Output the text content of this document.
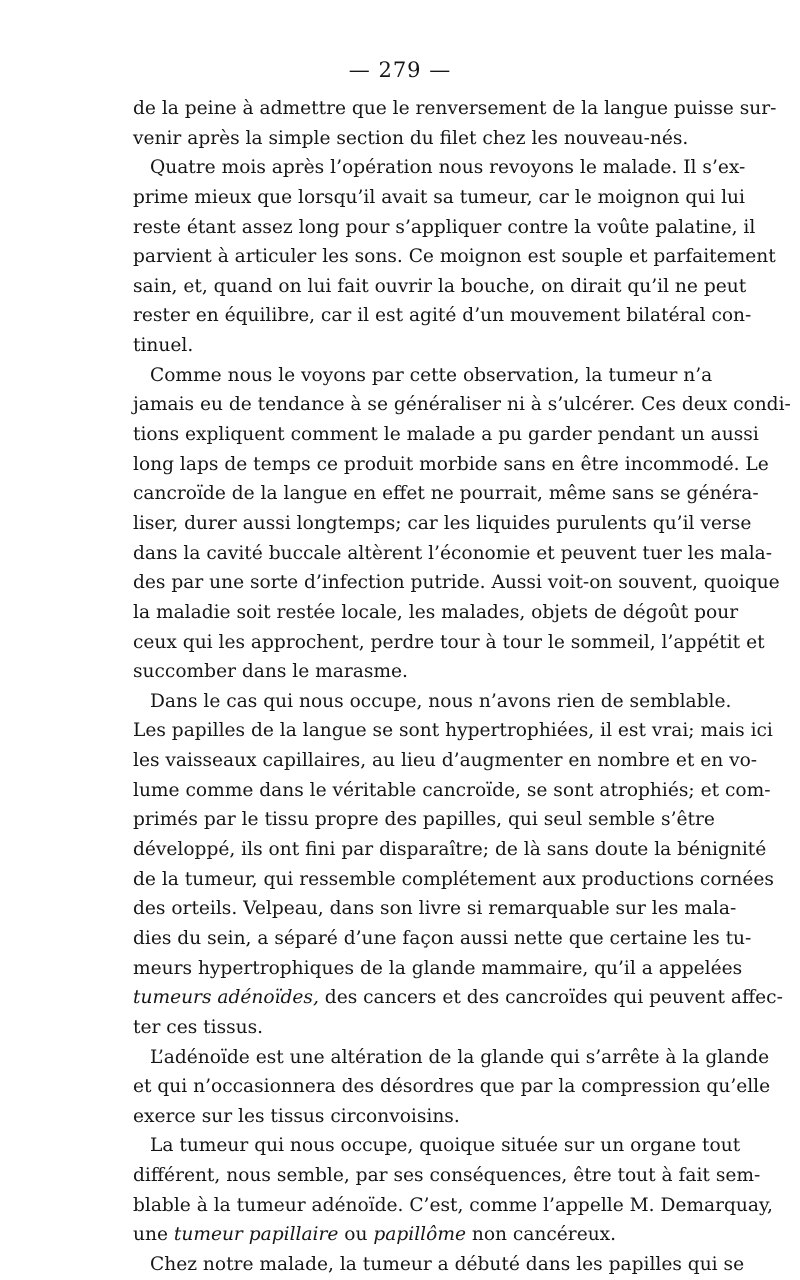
— 279 —
de la peine à admettre que le renversement de la langue puisse sur-
venir après la simple section du filet chez les nouveau-nés.
Quatre mois après l’opération nous revoyons le malade. Il s’ex-
prime mieux que lorsqu’il avait sa tumeur, car le moignon qui lui
reste étant assez long pour s’appliquer contre la voûte palatine, il
parvient à articuler les sons. Ce moignon est souple et parfaitement
sain, et, quand on lui fait ouvrir la bouche, on dirait qu’il ne peut
rester en équilibre, car il est agité d’un mouvement bilatéral con-
tinuel.
Comme nous le voyons par cette observation, la tumeur n’a
jamais eu de tendance à se généraliser ni à s’ulcérer. Ces deux condi-
tions expliquent comment le malade a pu garder pendant un aussi
long laps de temps ce produit morbide sans en être incommodé. Le
cancroïde de la langue en effet ne pourrait, même sans se généra-
liser, durer aussi longtemps; car les liquides purulents qu’il verse
dans la cavité buccale altèrent l’économie et peuvent tuer les mala-
des par une sorte d’infection putride. Aussi voit-on souvent, quoique
la maladie soit restée locale, les malades, objets de dégoût pour
ceux qui les approchent, perdre tour à tour le sommeil, l’appétit et
succomber dans le marasme.
Dans le cas qui nous occupe, nous n’avons rien de semblable.
Les papilles de la langue se sont hypertrophiées, il est vrai; mais ici
les vaisseaux capillaires, au lieu d’augmenter en nombre et en vo-
lume comme dans le véritable cancroïde, se sont atrophiés; et com-
primés par le tissu propre des papilles, qui seul semble s’être
développé, ils ont fini par disparaître; de là sans doute la bénignité
de la tumeur, qui ressemble complétement aux productions cornées
des orteils. Velpeau, dans son livre si remarquable sur les mala-
dies du sein, a séparé d’une façon aussi nette que certaine les tu-
meurs hypertrophiques de la glande mammaire, qu’il a appelées
tumeurs adénoïdes, des cancers et des cancroïdes qui peuvent affec-
ter ces tissus.
L’adénoïde est une altération de la glande qui s’arrête à la glande
et qui n’occasionnera des désordres que par la compression qu’elle
exerce sur les tissus circonvoisins.
La tumeur qui nous occupe, quoique située sur un organe tout
différent, nous semble, par ses conséquences, être tout à fait sem-
blable à la tumeur adénoïde. C’est, comme l’appelle M. Demarquay,
une tumeur papillaire ou papillôme non cancéreux.
Chez notre malade, la tumeur a débuté dans les papilles qui se
